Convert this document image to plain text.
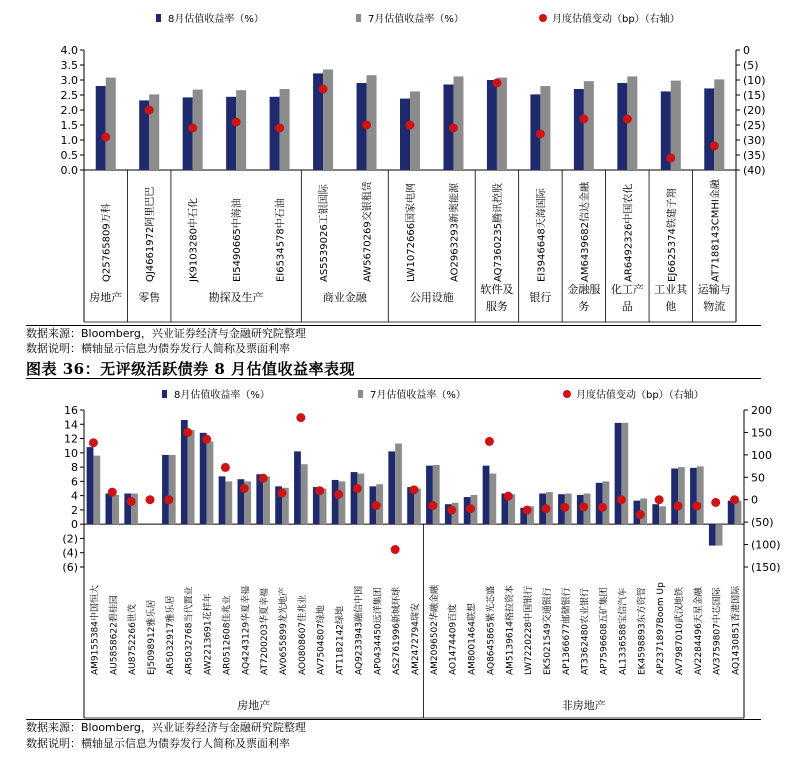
8月估值收益率（%）	7月估值收益率（%）	月度估值变动（bp）（右轴）
4.0
3.5
3.0
2.5
2.0
1.5
1.0
0.5
0.0
0
(5)
(10)
(15)
(20)
(25)
(30)
(35)
(40)
Q25765809万科	QJ4661972阿里巴巴	JK9103280中石化	EI5490665中海油	EI6534578中石油	AS5539026工银国际	AW5670269交银租赁	LW1072666国家电网	AO2963293新奥能源	AQ7360235腾讯控股	EI3946648天海国际	AM6439682信达金融	AR6492326中国农化	EJ6625374铁建子翔	AT7188143CMHI金融
房地产 零售	勘探及生产	商业金融	公用设施
软件及
服务
银行
金融服
务
化工产
品
工业其
他
运输与
物流
数据来源：Bloomberg，兴业证券经济与金融研究院整理
数据说明：横轴显示信息为债券发行人简称及票面利率
图表 36：无评级活跃债券 8 月估值收益率表现
8月估值收益率（%）	7月估值收益率（%）	月度估值变动（bp）（右轴）
16
14
12
10
8
6
4
2
0
(2)
(4)
(6)
200
150
100
50
0
(50)
(100)
(150)
AM9155384中国恒大 AU5858622碧桂园 AU8752266世茂 EJ5098912雅乐居 AR5032917雅乐居 AR5032768当代置业 AW2213691花样年 AR0512608佳兆业 AQ4243129华夏幸福 AT7200203华夏幸福 AV0655899龙光地产 AO0808607佳兆业 AV7504807绿地 AT1182142绿地 AQ9233943融信中国 AP0434450远洋集团 AS2761996新城环球 AM2472794瑞安 AM2096502华融金融 AO1474409百度 AM8001464联想 AQ8645865紫光芯盛 AM5139614格拉资本 LW7220228中国银行 EK5021549交通银行 AP1366677邮储银行 AT3362480农业银行 AP7596608五矿集团 AL1336588宝信汽车 EK4598893东方资管 AP2371897Boom Up AV7987010武汉地铁 AV2284496天星金融 AV3759807中芯国际 AQ1430851香港国际
房地产	非房地产
数据来源：Bloomberg，兴业证券经济与金融研究院整理
数据说明：横轴显示信息为债券发行人简称及票面利率
